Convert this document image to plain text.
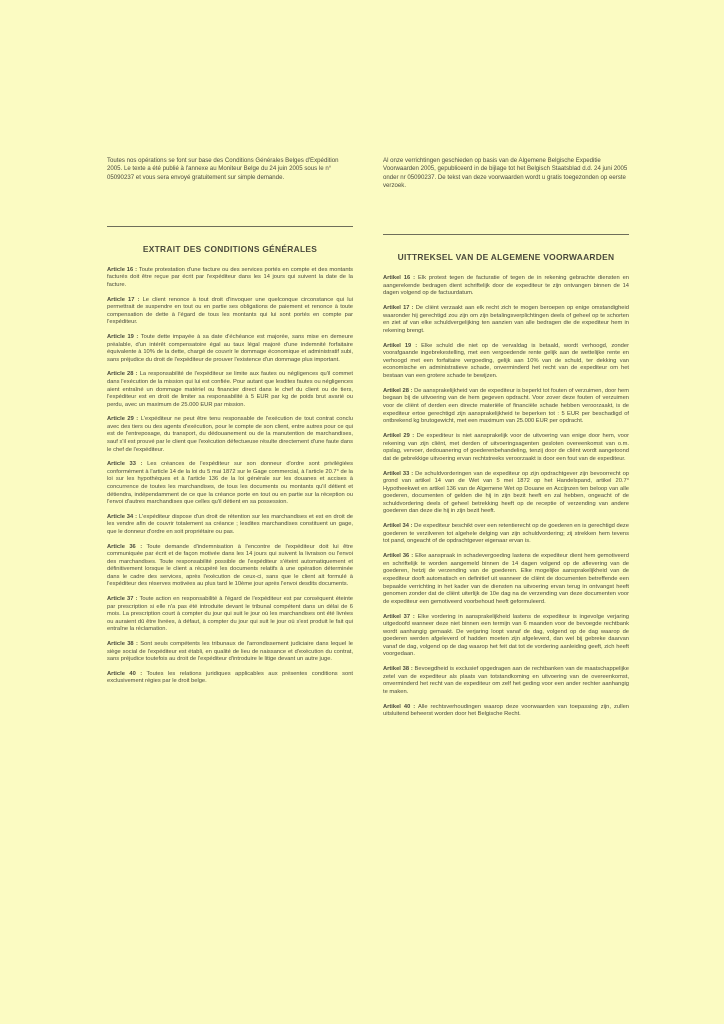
Toutes nos opérations se font sur base des Conditions Générales Belges d'Expédition 2005. Le texte a été publié à l'annexe au Moniteur Belge du 24 juin 2005 sous le n° 05090237 et vous sera envoyé gratuitement sur simple demande.

EXTRAIT DES CONDITIONS GÉNÉRALES

Article 16 : Toute protestation d'une facture ou des services portés en compte et des montants facturés doit être reçue par écrit par l'expéditeur dans les 14 jours qui suivent la date de la facture.

Article 17 : Le client renonce à tout droit d'invoquer une quelconque circonstance qui lui permettrait de suspendre en tout ou en partie ses obligations de paiement et renonce à toute compensation de dette à l'égard de tous les montants qui lui sont portés en compte par l'expéditeur.

Article 19 : Toute dette impayée à sa date d'échéance est majorée, sans mise en demeure préalable, d'un intérêt compensatoire égal au taux légal majoré d'une indemnité forfaitaire équivalente à 10% de la dette, chargé de couvrir le dommage économique et administratif subi, sans préjudice du droit de l'expéditeur de prouver l'existence d'un dommage plus important.

Article 28 : La responsabilité de l'expéditeur se limite aux fautes ou négligences qu'il commet dans l'exécution de la mission qui lui est confiée. Pour autant que lesdites fautes ou négligences aient entraîné un dommage matériel ou financier direct dans le chef du client ou de tiers, l'expéditeur est en droit de limiter sa responsabilité à 5 EUR par kg de poids brut avarié ou perdu, avec un maximum de 25.000 EUR par mission.

Article 29 : L'expéditeur ne peut être tenu responsable de l'exécution de tout contrat conclu avec des tiers ou des agents d'exécution, pour le compte de son client, entre autres pour ce qui est de l'entreposage, du transport, du dédouanement ou de la manutention de marchandises, sauf s'il est prouvé par le client que l'exécution défectueuse résulte directement d'une faute dans le chef de l'expéditeur.

Article 33 : Les créances de l'expéditeur sur son donneur d'ordre sont privilégiées conformément à l'article 14 de la loi du 5 mai 1872 sur le Gage commercial, à l'article 20.7° de la loi sur les hypothèques et à l'article 136 de la loi générale sur les douanes et accises à concurrence de toutes les marchandises, de tous les documents ou montants qu'il détient et détiendra, indépendamment de ce que la créance porte en tout ou en partie sur la réception ou l'envoi d'autres marchandises que celles qu'il détient en sa possession.

Article 34 : L'expéditeur dispose d'un droit de rétention sur les marchandises et est en droit de les vendre afin de couvrir totalement sa créance ; lesdites marchandises constituent un gage, que le donneur d'ordre en soit propriétaire ou pas.

Article 36 : Toute demande d'indemnisation à l'encontre de l'expéditeur doit lui être communiquée par écrit et de façon motivée dans les 14 jours qui suivent la livraison ou l'envoi des marchandises. Toute responsabilité possible de l'expéditeur s'éteint automatiquement et définitivement lorsque le client a récupéré les documents relatifs à une opération déterminée dans le cadre des services, après l'exécution de ceux-ci, sans que le client ait formulé à l'expéditeur des réserves motivées au plus tard le 10ème jour après l'envoi desdits documents.

Article 37 : Toute action en responsabilité à l'égard de l'expéditeur est par conséquent éteinte par prescription si elle n'a pas été introduite devant le tribunal compétent dans un délai de 6 mois. La prescription court à compter du jour qui suit le jour où les marchandises ont été livrées ou auraient dû être livrées, à défaut, à compter du jour qui suit le jour où s'est produit le fait qui entraîne la réclamation.

Article 38 : Sont seuls compétents les tribunaux de l'arrondissement judiciaire dans lequel le siège social de l'expéditeur est établi, en qualité de lieu de naissance et d'exécution du contrat, sans préjudice toutefois au droit de l'expéditeur d'introduire le litige devant un autre juge.

Article 40 : Toutes les relations juridiques applicables aux présentes conditions sont exclusivement régies par le droit belge.

Al onze verrichtingen geschieden op basis van de Algemene Belgische Expeditie Voorwaarden 2005, gepubliceerd in de bijlage tot het Belgisch Staatsblad d.d. 24 juni 2005 onder nr 05090237. De tekst van deze voorwaarden wordt u gratis toegezonden op eerste verzoek.

UITTREKSEL VAN DE ALGEMENE VOORWAARDEN

Artikel 16 : Elk protest tegen de facturatie of tegen de in rekening gebrachte diensten en aangerekende bedragen dient schriftelijk door de expediteur te zijn ontvangen binnen de 14 dagen volgend op de factuurdatum.

Artikel 17 : De cliënt verzaakt aan elk recht zich te mogen beroepen op enige omstandigheid waaronder hij gerechtigd zou zijn om zijn betalingsverplichtingen deels of geheel op te schorten en ziet af van elke schuldvergelijking ten aanzien van alle bedragen die de expediteur hem in rekening brengt.

Artikel 19 : Elke schuld die niet op de vervaldag is betaald, wordt verhoogd, zonder voorafgaande ingebrekestelling, met een vergoedende rente gelijk aan de wettelijke rente en verhoogd met een forfaitaire vergoeding, gelijk aan 10% van de schuld, ter dekking van economische en administratieve schade, onverminderd het recht van de expediteur om het bestaan van een grotere schade te bewijzen.

Artikel 28 : De aansprakelijkheid van de expediteur is beperkt tot fouten of verzuimen, door hem begaan bij de uitvoering van de hem gegeven opdracht. Voor zover deze fouten of verzuimen voor de cliënt of derden een directe materiële of financiële schade hebben veroorzaakt, is de expediteur ertoe gerechtigd zijn aansprakelijkheid te beperken tot : 5 EUR per beschadigd of ontbrekend kg brutogewicht, met een maximum van 25.000 EUR per opdracht.

Artikel 29 : De expediteur is niet aansprakelijk voor de uitvoering van enige door hem, voor rekening van zijn cliënt, met derden of uitvoeringsagenten gesloten overeenkomst van o.m. opslag, vervoer, dedouanering of goederenbehandeling, tenzij door de cliënt wordt aangetoond dat de gebrekkige uitvoering ervan rechtstreeks veroorzaakt is door een fout van de expediteur.

Artikel 33 : De schuldvorderingen van de expediteur op zijn opdrachtgever zijn bevoorrecht op grond van artikel 14 van de Wet van 5 mei 1872 op het Handelspand, artikel 20.7° Hypotheekwet en artikel 136 van de Algemene Wet op Douane en Accijnzen ten beloop van alle goederen, documenten of gelden die hij in zijn bezit heeft en zal hebben, ongeacht of de schuldvordering deels of geheel betrekking heeft op de receptie of verzending van andere goederen dan deze die hij in zijn bezit heeft.

Artikel 34 : De expediteur beschikt over een retentierecht op de goederen en is gerechtigd deze goederen te verzilveren tot algehele delging van zijn schuldvordering; zij strekken hem tevens tot pand, ongeacht of de opdrachtgever eigenaar ervan is.

Artikel 36 : Elke aanspraak in schadevergoeding lastens de expediteur dient hem gemotiveerd en schriftelijk te worden aangemeld binnen de 14 dagen volgend op de aflevering van de goederen, hetzij de verzending van de goederen. Elke mogelijke aansprakelijkheid van de expediteur dooft automatisch en definitief uit wanneer de cliënt de documenten betreffende een bepaalde verrichting in het kader van de diensten na uitvoering ervan terug in ontvangst heeft genomen zonder dat de cliënt uiterlijk de 10e dag na de verzending van deze documenten voor de expediteur een gemotiveerd voorbehoud heeft geformuleerd.

Artikel 37 : Elke vordering in aansprakelijkheid lastens de expediteur is ingevolge verjaring uitgedoofd wanneer deze niet binnen een termijn van 6 maanden voor de bevoegde rechtbank wordt aanhangig gemaakt. De verjaring loopt vanaf de dag, volgend op de dag waarop de goederen werden afgeleverd of hadden moeten zijn afgeleverd, dan wel bij gebreke daarvan vanaf de dag, volgend op de dag waarop het feit dat tot de vordering aanleiding geeft, zich heeft voorgedaan.

Artikel 38 : Bevoegdheid is exclusief opgedragen aan de rechtbanken van de maatschappelijke zetel van de expediteur als plaats van totstandkoming en uitvoering van de overeenkomst, onverminderd het recht van de expediteur om zelf het geding voor een ander rechter aanhangig te maken.

Artikel 40 : Alle rechtsverhoudingen waarop deze voorwaarden van toepassing zijn, zullen uitsluitend beheerst worden door het Belgische Recht.
